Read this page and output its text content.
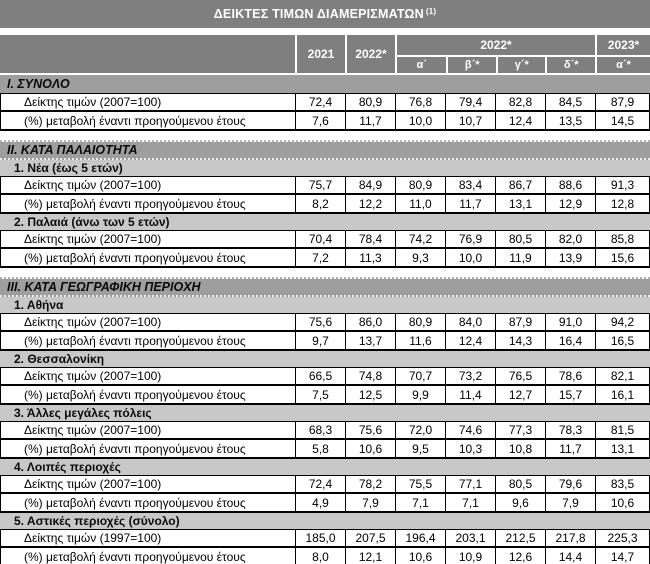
ΔΕΙΚΤΕΣ ΤΙΜΩΝ ΔΙΑΜΕΡΙΣΜΑΤΩΝ $^{(1)}$
2021	2022*
2022*
α´	β´*	γ´*	δ´*
2023*
α´*
I. ΣΥΝΟΛΟ
Δείκτης τιμών (2007=100)	72,4	80,9	76,8	79,4	82,8	84,5	87,9
(%) μεταβολή έναντι προηγούμενου έτους	7,6	11,7	10,0	10,7	12,4	13,5	14,5
II. ΚΑΤΑ ΠΑΛΑΙΟΤΗΤΑ
1. Νέα (έως 5 ετών)
Δείκτης τιμών (2007=100)	75,7	84,9	80,9	83,4	86,7	88,6	91,3
(%) μεταβολή έναντι προηγούμενου έτους	8,2	12,2	11,0	11,7	13,1	12,9	12,8
2. Παλαιά (άνω των 5 ετών)
Δείκτης τιμών (2007=100)	70,4	78,4	74,2	76,9	80,5	82,0	85,8
(%) μεταβολή έναντι προηγούμενου έτους	7,2	11,3	9,3	10,0	11,9	13,9	15,6
III. ΚΑΤΑ ΓΕΩΓΡΑΦΙΚΗ ΠΕΡΙΟΧΗ
1. Αθήνα
Δείκτης τιμών (2007=100)	75,6	86,0	80,9	84,0	87,9	91,0	94,2
(%) μεταβολή έναντι προηγούμενου έτους	9,7	13,7	11,6	12,4	14,3	16,4	16,5
2. Θεσσαλονίκη
Δείκτης τιμών (2007=100)	66,5	74,8	70,7	73,2	76,5	78,6	82,1
(%) μεταβολή έναντι προηγούμενου έτους	7,5	12,5	9,9	11,4	12,7	15,7	16,1
3. Άλλες μεγάλες πόλεις
Δείκτης τιμών (2007=100)	68,3	75,6	72,0	74,6	77,3	78,3	81,5
(%) μεταβολή έναντι προηγούμενου έτους	5,8	10,6	9,5	10,3	10,8	11,7	13,1
4. Λοιπές περιοχές
Δείκτης τιμών (2007=100)	72,4	78,2	75,5	77,1	80,5	79,6	83,5
(%) μεταβολή έναντι προηγούμενου έτους	4,9	7,9	7,1	7,1	9,6	7,9	10,6
5. Αστικές περιοχές (σύνολο)
Δείκτης τιμών (1997=100)	185,0	207,5	196,4	203,1	212,5	217,8	225,3
(%) μεταβολή έναντι προηγούμενου έτους	8,0	12,1	10,6	10,9	12,6	14,4	14,7
